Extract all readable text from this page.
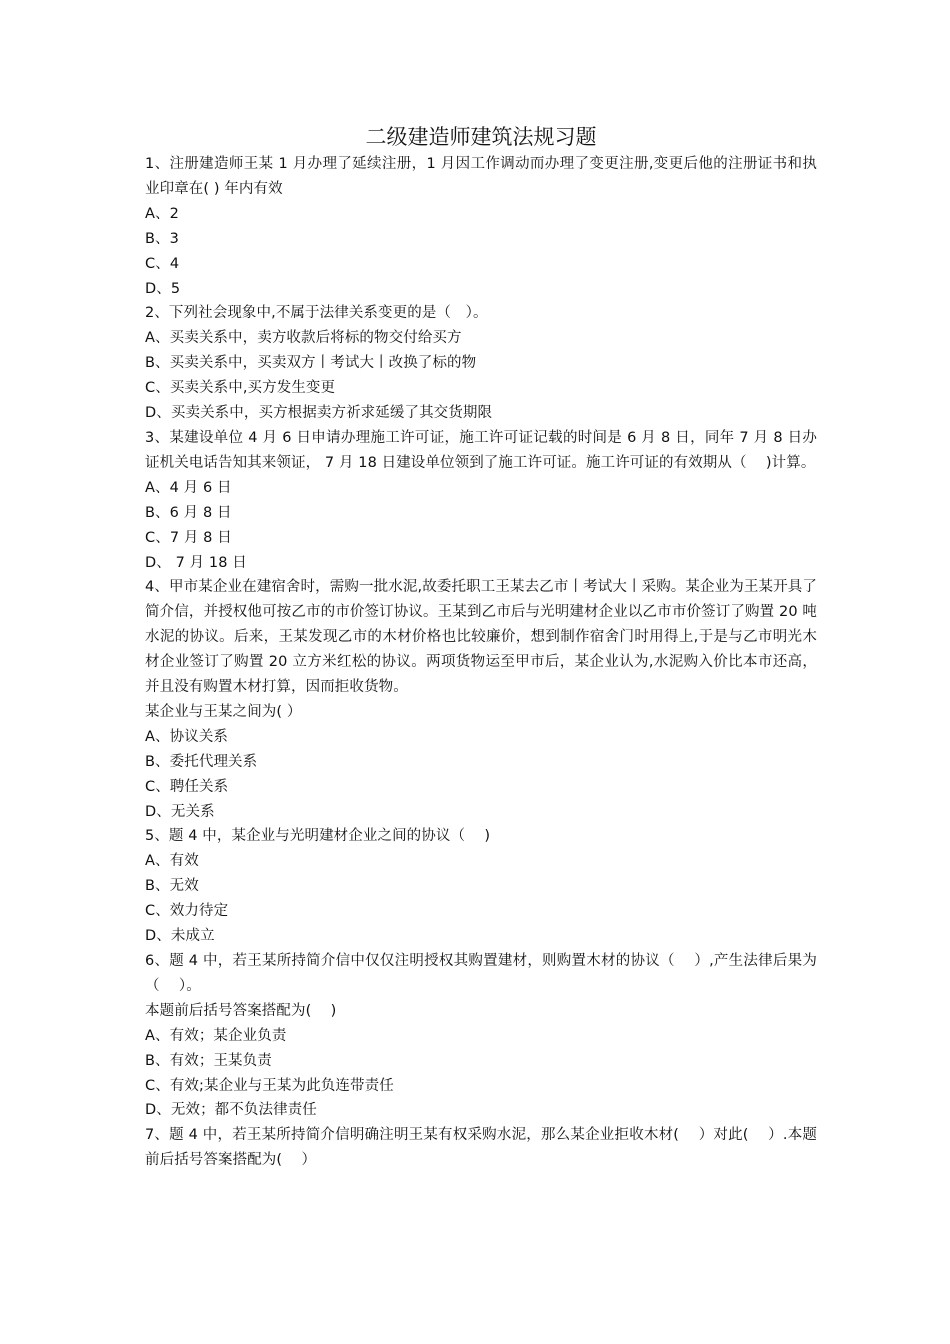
二级建造师建筑法规习题
1、注册建造师王某 1 月办理了延续注册，1 月因工作调动而办理了变更注册,变更后他的注册证书和执业印章在( ) 年内有效
A、2
B、3
C、4
D、5
2、下列社会现象中,不属于法律关系变更的是（　）。
A、买卖关系中，卖方收款后将标的物交付给买方
B、买卖关系中，买卖双方丨考试大丨改换了标的物
C、买卖关系中,买方发生变更
D、买卖关系中，买方根据卖方祈求延缓了其交货期限
3、某建设单位 4 月 6 日申请办理施工许可证，施工许可证记载的时间是 6 月 8 日，同年 7 月 8 日办证机关电话告知其来领证， 7 月 18 日建设单位领到了施工许可证。施工许可证的有效期从（　 )计算。
A、4 月 6 日
B、6 月 8 日
C、7 月 8 日
D、 7 月 18 日
4、甲市某企业在建宿舍时，需购一批水泥,故委托职工王某去乙市丨考试大丨采购。某企业为王某开具了简介信，并授权他可按乙市的市价签订协议。王某到乙市后与光明建材企业以乙市市价签订了购置 20 吨水泥的协议。后来，王某发现乙市的木材价格也比较廉价，想到制作宿舍门时用得上,于是与乙市明光木材企业签订了购置 20 立方米红松的协议。两项货物运至甲市后，某企业认为,水泥购入价比本市还高，并且没有购置木材打算，因而拒收货物。
某企业与王某之间为( ）
A、协议关系
B、委托代理关系
C、聘任关系
D、无关系
5、题 4 中，某企业与光明建材企业之间的协议（　 )
A、有效
B、无效
C、效力待定
D、未成立
6、题 4 中，若王某所持简介信中仅仅注明授权其购置建材，则购置木材的协议（　 ）,产生法律后果为（　 ）。
本题前后括号答案搭配为(　 )
A、有效；某企业负责
B、有效；王某负责
C、有效;某企业与王某为此负连带责任
D、无效；都不负法律责任
7、题 4 中，若王某所持简介信明确注明王某有权采购水泥，那么某企业拒收木材(　 ）对此(　 ）.本题前后括号答案搭配为(　 ）
